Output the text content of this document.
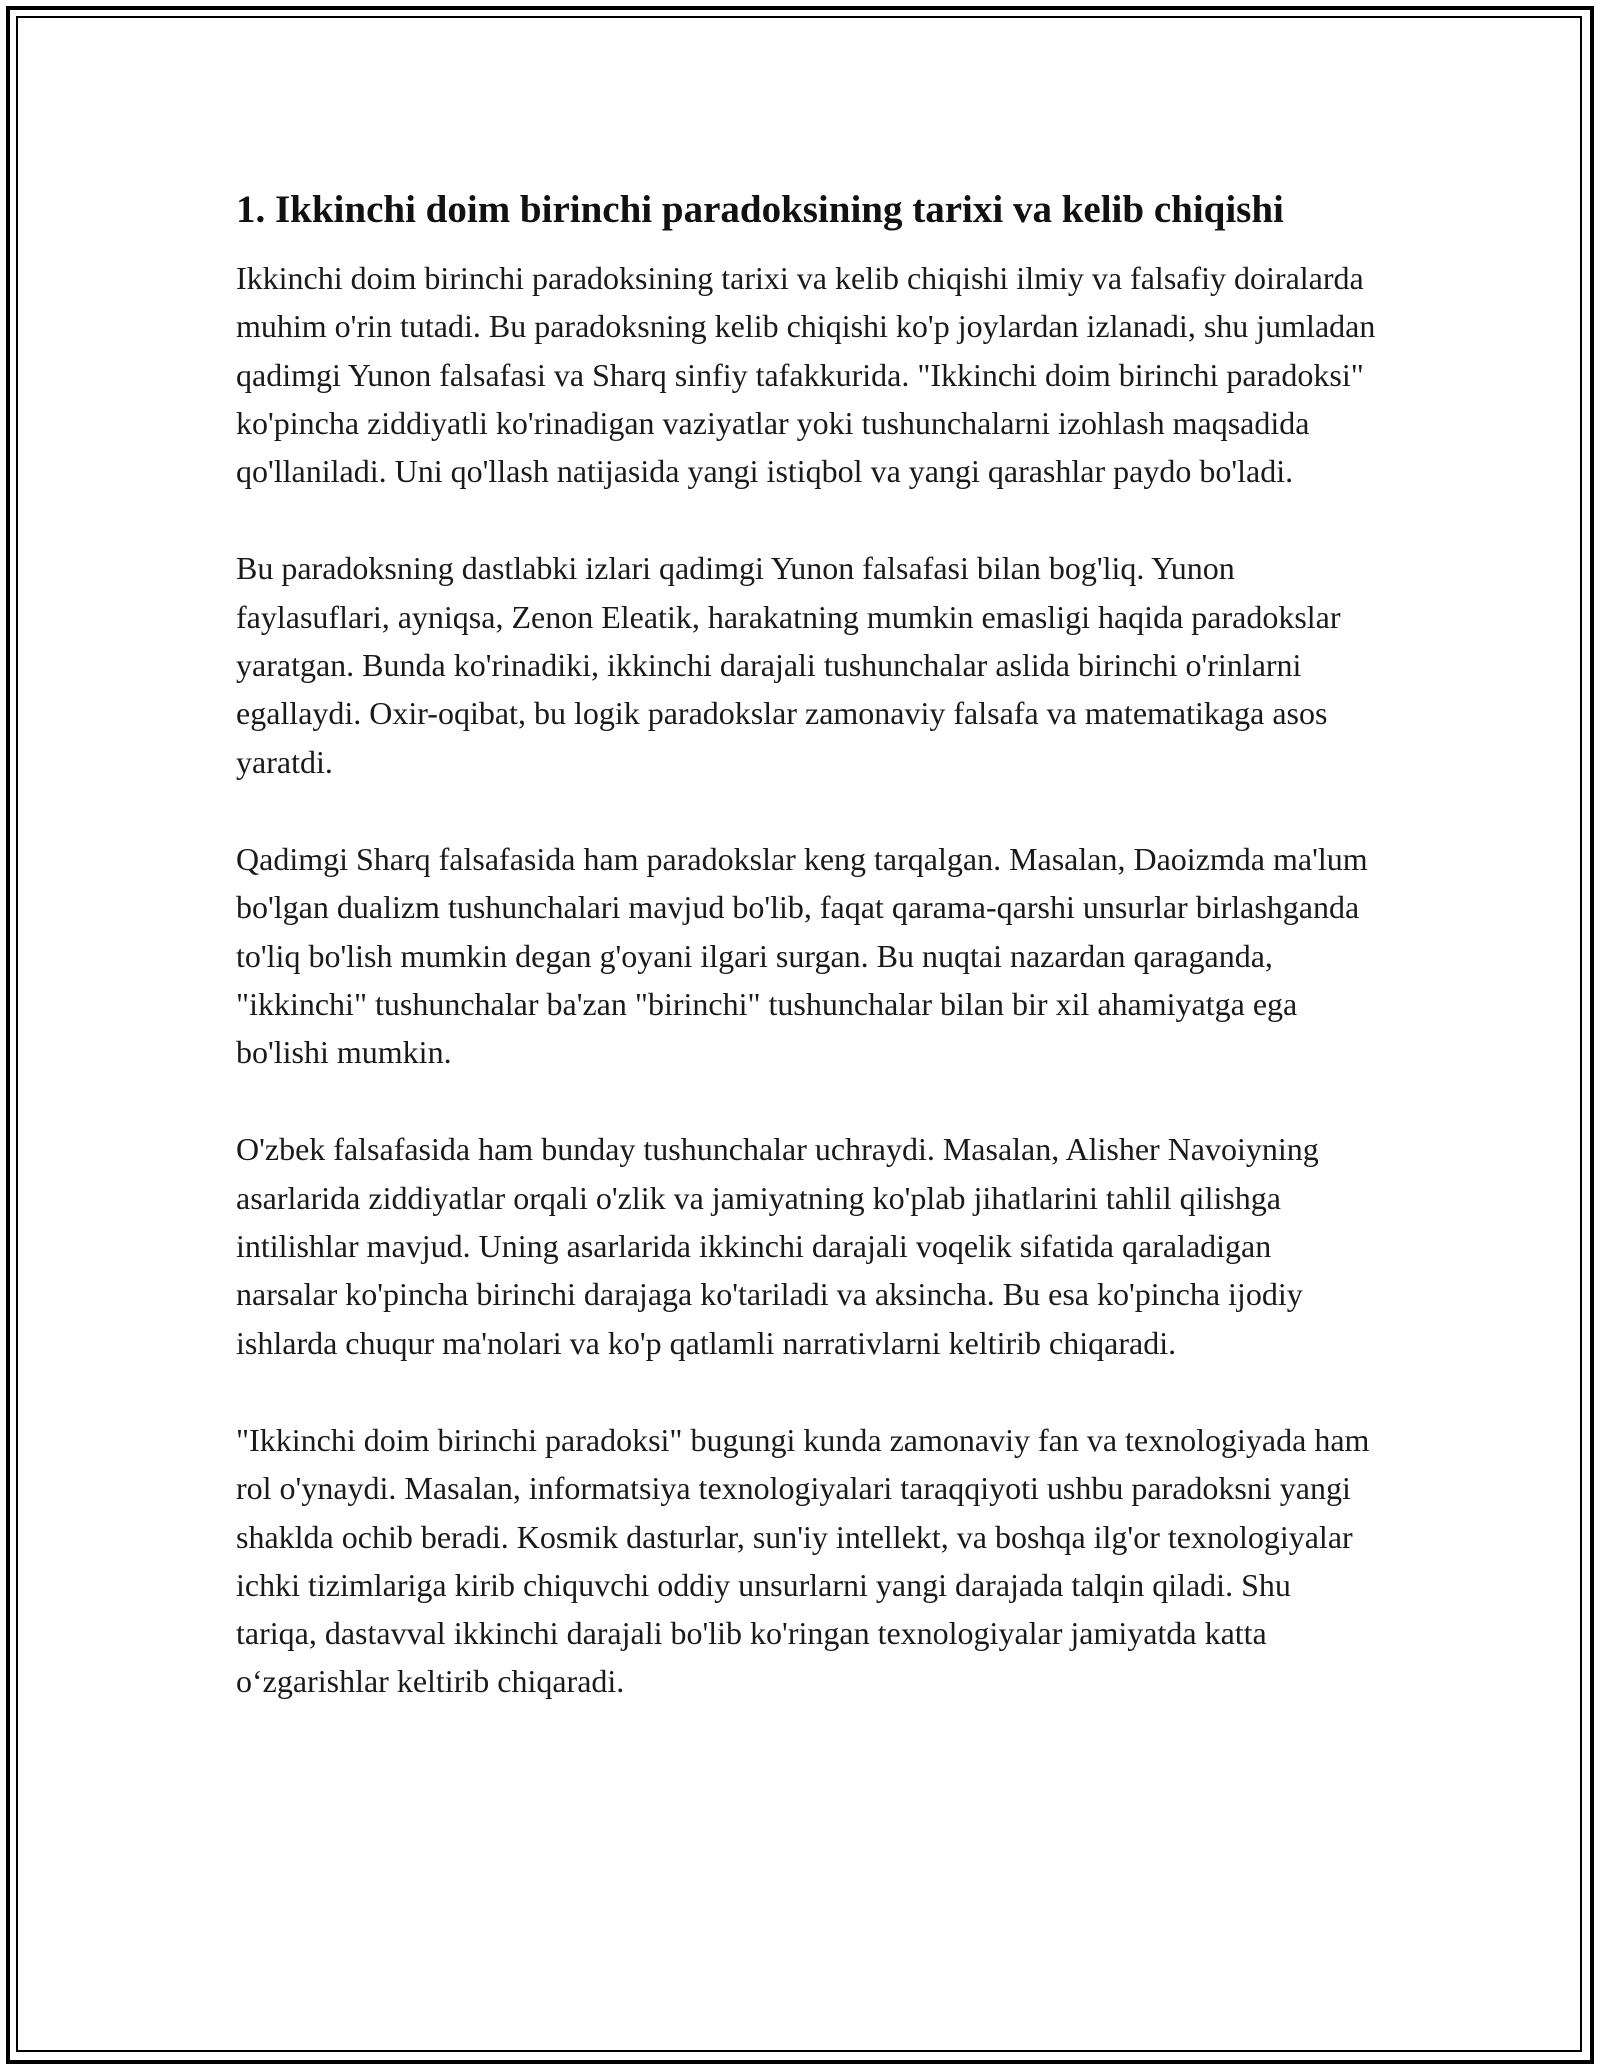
1. Ikkinchi doim birinchi paradoksining tarixi va kelib chiqishi

Ikkinchi doim birinchi paradoksining tarixi va kelib chiqishi ilmiy va falsafiy doiralarda muhim o'rin tutadi. Bu paradoksning kelib chiqishi ko'p joylardan izlanadi, shu jumladan qadimgi Yunon falsafasi va Sharq sinfiy tafakkurida. "Ikkinchi doim birinchi paradoksi" ko'pincha ziddiyatli ko'rinadigan vaziyatlar yoki tushunchalarni izohlash maqsadida qo'llaniladi. Uni qo'llash natijasida yangi istiqbol va yangi qarashlar paydo bo'ladi.

Bu paradoksning dastlabki izlari qadimgi Yunon falsafasi bilan bog'liq. Yunon faylasuflari, ayniqsa, Zenon Eleatik, harakatning mumkin emasligi haqida paradokslar yaratgan. Bunda ko'rinadiki, ikkinchi darajali tushunchalar aslida birinchi o'rinlarni egallaydi. Oxir-oqibat, bu logik paradokslar zamonaviy falsafa va matematikaga asos yaratdi.

Qadimgi Sharq falsafasida ham paradokslar keng tarqalgan. Masalan, Daoizmda ma'lum bo'lgan dualizm tushunchalari mavjud bo'lib, faqat qarama-qarshi unsurlar birlashganda to'liq bo'lish mumkin degan g'oyani ilgari surgan. Bu nuqtai nazardan qaraganda, "ikkinchi" tushunchalar ba'zan "birinchi" tushunchalar bilan bir xil ahamiyatga ega bo'lishi mumkin.

O'zbek falsafasida ham bunday tushunchalar uchraydi. Masalan, Alisher Navoiyning asarlarida ziddiyatlar orqali o'zlik va jamiyatning ko'plab jihatlarini tahlil qilishga intilishlar mavjud. Uning asarlarida ikkinchi darajali voqelik sifatida qaraladigan narsalar ko'pincha birinchi darajaga ko'tariladi va aksincha. Bu esa ko'pincha ijodiy ishlarda chuqur ma'nolari va ko'p qatlamli narrativlarni keltirib chiqaradi.

"Ikkinchi doim birinchi paradoksi" bugungi kunda zamonaviy fan va texnologiyada ham rol o'ynaydi. Masalan, informatsiya texnologiyalari taraqqiyoti ushbu paradoksni yangi shaklda ochib beradi. Kosmik dasturlar, sun'iy intellekt, va boshqa ilg'or texnologiyalar ichki tizimlariga kirib chiquvchi oddiy unsurlarni yangi darajada talqin qiladi. Shu tariqa, dastavval ikkinchi darajali bo'lib ko'ringan texnologiyalar jamiyatda katta o‘zgarishlar keltirib chiqaradi.
